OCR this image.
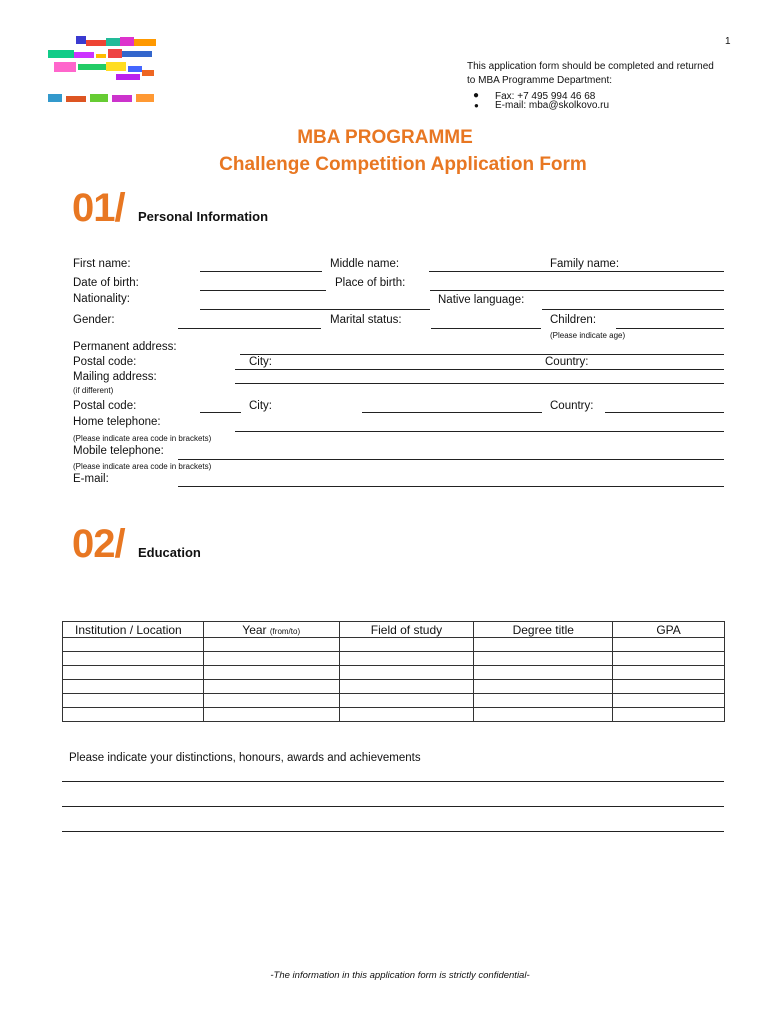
1
This application form should be completed and returned
to MBA Programme Department:
● Fax: +7 495 994 46 68
● E-mail: mba@skolkovo.ru
MBA PROGRAMME
Challenge Competition Application Form
01/ Personal Information
First name:	Middle name:	Family name:
Date of birth:	Place of birth:
Nationality:	Native language:
Gender:	Marital status:	Children:
(Please indicate age)
Permanent address:
Postal code:	City:	Country:
Mailing address:
(if different)
Postal code:	City:	Country:
Home telephone:
(Please indicate area code in brackets)
Mobile telephone:
(Please indicate area code in brackets)
E-mail:
02/ Education
Institution / Location	Year (from/to)	Field of study	Degree title	GPA

Please indicate your distinctions, honours, awards and achievements
-The information in this application form is strictly confidential-
